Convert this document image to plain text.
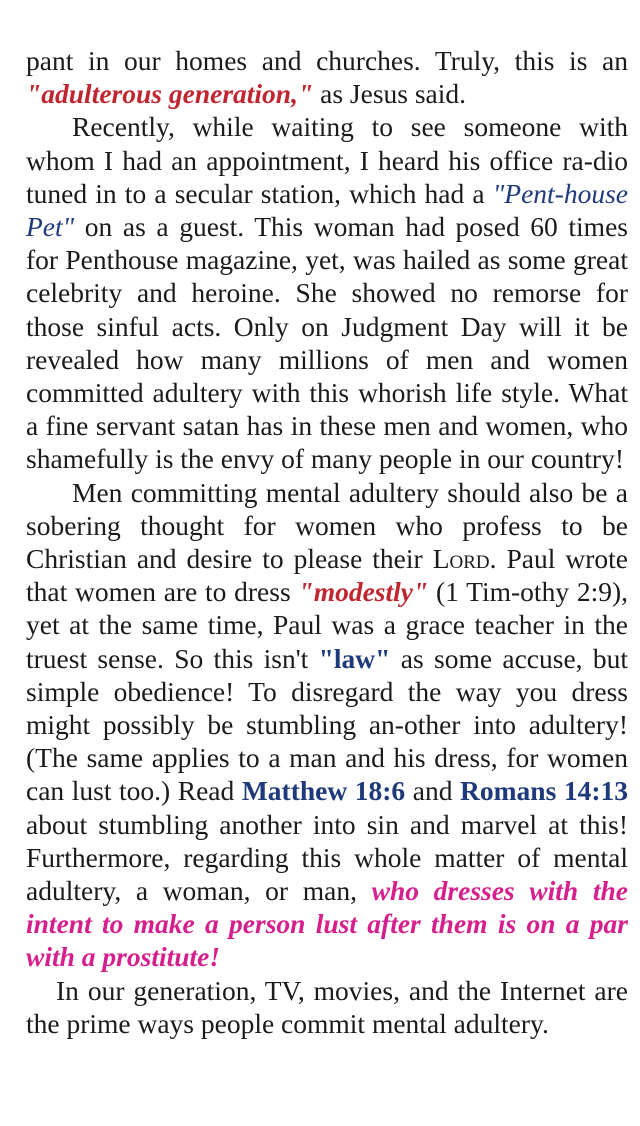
pant in our homes and churches. Truly, this is an "adulterous generation," as Jesus said.

Recently, while waiting to see someone with whom I had an appointment, I heard his office ra-dio tuned in to a secular station, which had a "Pent-house Pet" on as a guest. This woman had posed 60 times for Penthouse magazine, yet, was hailed as some great celebrity and heroine. She showed no remorse for those sinful acts. Only on Judgment Day will it be revealed how many millions of men and women committed adultery with this whorish life style. What a fine servant satan has in these men and women, who shamefully is the envy of many people in our country!

Men committing mental adultery should also be a sobering thought for women who profess to be Christian and desire to please their Lord. Paul wrote that women are to dress "modestly" (1 Tim-othy 2:9), yet at the same time, Paul was a grace teacher in the truest sense. So this isn't "law" as some accuse, but simple obedience! To disregard the way you dress might possibly be stumbling an-other into adultery! (The same applies to a man and his dress, for women can lust too.) Read Matthew 18:6 and Romans 14:13 about stumbling another into sin and marvel at this! Furthermore, regarding this whole matter of mental adultery, a woman, or man, who dresses with the intent to make a person lust after them is on a par with a prostitute!

In our generation, TV, movies, and the Internet are the prime ways people commit mental adultery.
